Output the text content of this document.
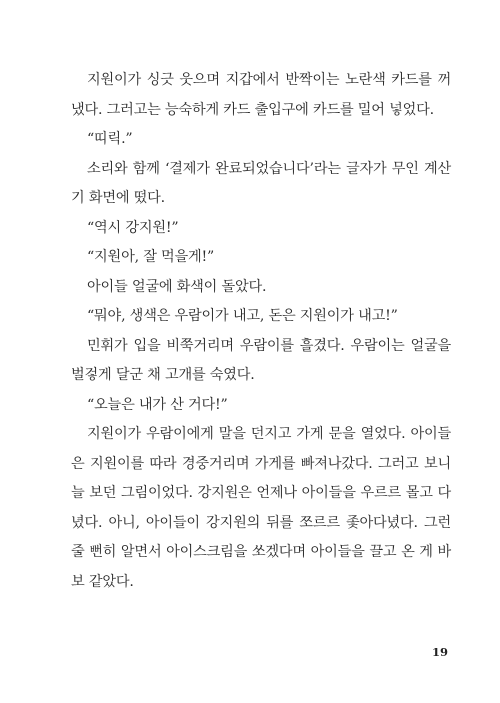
지원이가 싱긋 웃으며 지갑에서 반짝이는 노란색 카드를 꺼냈다. 그러고는 능숙하게 카드 출입구에 카드를 밀어 넣었다.

“띠릭.”

소리와 함께 ‘결제가 완료되었습니다’라는 글자가 무인 계산기 화면에 떴다.

“역시 강지원!”

“지원아, 잘 먹을게!”

아이들 얼굴에 화색이 돌았다.

“뭐야, 생색은 우람이가 내고, 돈은 지원이가 내고!”

민휘가 입을 비쭉거리며 우람이를 흘겼다. 우람이는 얼굴을 벌겋게 달군 채 고개를 숙였다.

“오늘은 내가 산 거다!”

지원이가 우람이에게 말을 던지고 가게 문을 열었다. 아이들은 지원이를 따라 경중거리며 가게를 빠져나갔다. 그러고 보니 늘 보던 그림이었다. 강지원은 언제나 아이들을 우르르 몰고 다녔다. 아니, 아이들이 강지원의 뒤를 쪼르르 좇아다녔다. 그런 줄 뻔히 알면서 아이스크림을 쏘겠다며 아이들을 끌고 온 게 바보 같았다.

19
